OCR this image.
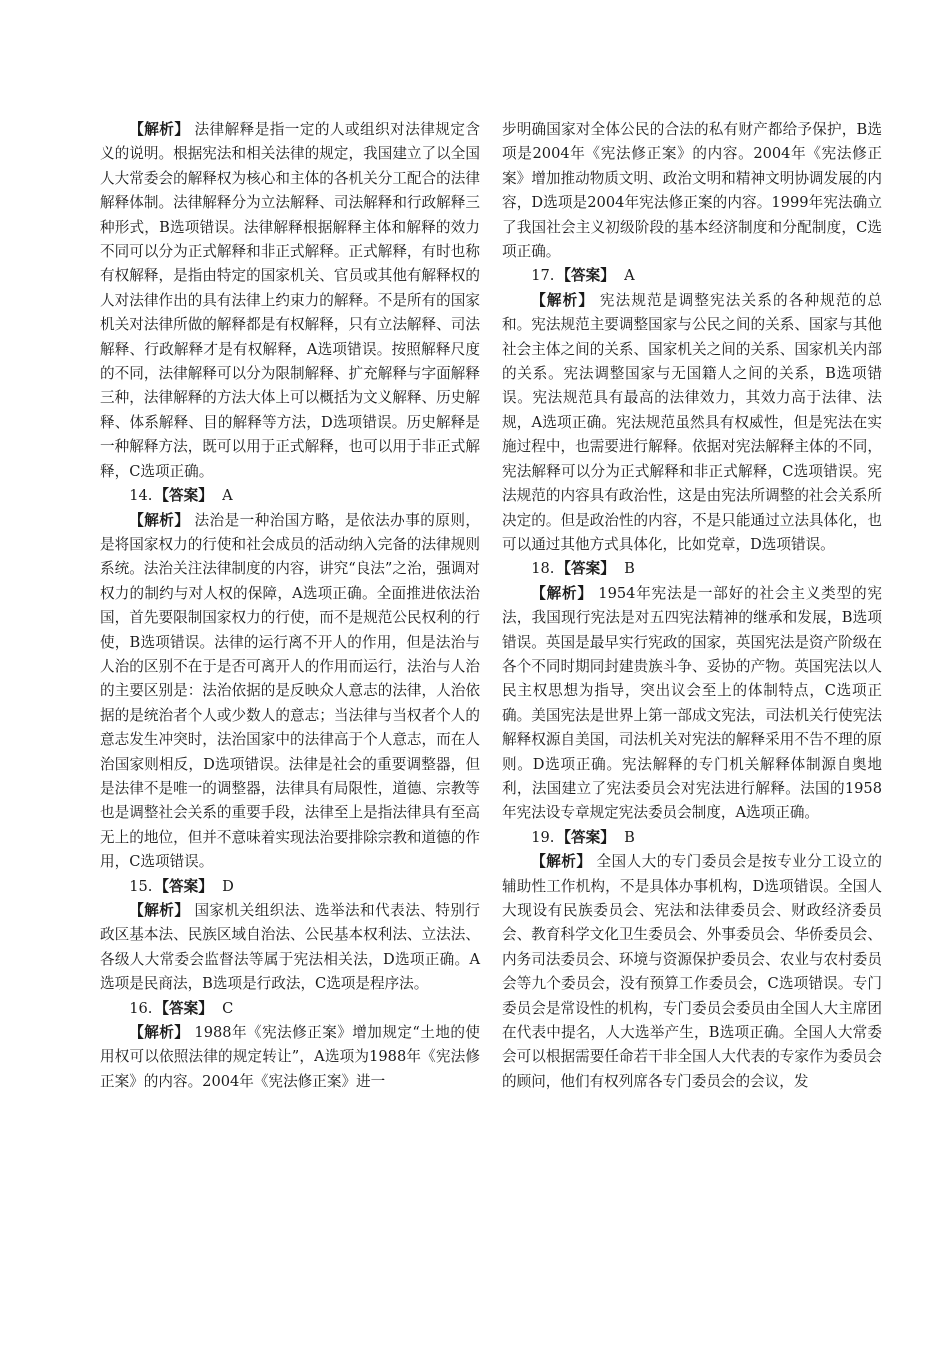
【解析】 法律解释是指一定的人或组织对法律规定含义的说明。根据宪法和相关法律的规定，我国建立了以全国人大常委会的解释权为核心和主体的各机关分工配合的法律解释体制。法律解释分为立法解释、司法解释和行政解释三种形式，B选项错误。法律解释根据解释主体和解释的效力不同可以分为正式解释和非正式解释。正式解释，有时也称有权解释，是指由特定的国家机关、官员或其他有解释权的人对法律作出的具有法律上约束力的解释。不是所有的国家机关对法律所做的解释都是有权解释，只有立法解释、司法解释、行政解释才是有权解释，A选项错误。按照解释尺度的不同，法律解释可以分为限制解释、扩充解释与字面解释三种，法律解释的方法大体上可以概括为文义解释、历史解释、体系解释、目的解释等方法，D选项错误。历史解释是一种解释方法，既可以用于正式解释，也可以用于非正式解释，C选项正确。

14. 【答案】 A

【解析】 法治是一种治国方略，是依法办事的原则，是将国家权力的行使和社会成员的活动纳入完备的法律规则系统。法治关注法律制度的内容，讲究“良法”之治，强调对权力的制约与对人权的保障，A选项正确。全面推进依法治国，首先要限制国家权力的行使，而不是规范公民权利的行使，B选项错误。法律的运行离不开人的作用，但是法治与人治的区别不在于是否可离开人的作用而运行，法治与人治的主要区别是：法治依据的是反映众人意志的法律，人治依据的是统治者个人或少数人的意志；当法律与当权者个人的意志发生冲突时，法治国家中的法律高于个人意志，而在人治国家则相反，D选项错误。法律是社会的重要调整器，但是法律不是唯一的调整器，法律具有局限性，道德、宗教等也是调整社会关系的重要手段，法律至上是指法律具有至高无上的地位，但并不意味着实现法治要排除宗教和道德的作用，C选项错误。

15. 【答案】 D

【解析】 国家机关组织法、选举法和代表法、特别行政区基本法、民族区域自治法、公民基本权利法、立法法、各级人大常委会监督法等属于宪法相关法，D选项正确。A选项是民商法，B选项是行政法，C选项是程序法。

16. 【答案】 C

【解析】 1988年《宪法修正案》增加规定“土地的使用权可以依照法律的规定转让”，A选项为1988年《宪法修正案》的内容。2004年《宪法修正案》进一

步明确国家对全体公民的合法的私有财产都给予保护，B选项是2004年《宪法修正案》的内容。2004年《宪法修正案》增加推动物质文明、政治文明和精神文明协调发展的内容，D选项是2004年宪法修正案的内容。1999年宪法确立了我国社会主义初级阶段的基本经济制度和分配制度，C选项正确。

17. 【答案】 A

【解析】 宪法规范是调整宪法关系的各种规范的总和。宪法规范主要调整国家与公民之间的关系、国家与其他社会主体之间的关系、国家机关之间的关系、国家机关内部的关系。宪法调整国家与无国籍人之间的关系，B选项错误。宪法规范具有最高的法律效力，其效力高于法律、法规，A选项正确。宪法规范虽然具有权威性，但是宪法在实施过程中，也需要进行解释。依据对宪法解释主体的不同，宪法解释可以分为正式解释和非正式解释，C选项错误。宪法规范的内容具有政治性，这是由宪法所调整的社会关系所决定的。但是政治性的内容，不是只能通过立法具体化，也可以通过其他方式具体化，比如党章，D选项错误。

18. 【答案】 B

【解析】 1954年宪法是一部好的社会主义类型的宪法，我国现行宪法是对五四宪法精神的继承和发展，B选项错误。英国是最早实行宪政的国家，英国宪法是资产阶级在各个不同时期同封建贵族斗争、妥协的产物。英国宪法以人民主权思想为指导，突出议会至上的体制特点，C选项正确。美国宪法是世界上第一部成文宪法，司法机关行使宪法解释权源自美国，司法机关对宪法的解释采用不告不理的原则。D选项正确。宪法解释的专门机关解释体制源自奥地利，法国建立了宪法委员会对宪法进行解释。法国的1958年宪法设专章规定宪法委员会制度，A选项正确。

19. 【答案】 B

【解析】 全国人大的专门委员会是按专业分工设立的辅助性工作机构，不是具体办事机构，D选项错误。全国人大现设有民族委员会、宪法和法律委员会、财政经济委员会、教育科学文化卫生委员会、外事委员会、华侨委员会、内务司法委员会、环境与资源保护委员会、农业与农村委员会等九个委员会，没有预算工作委员会，C选项错误。专门委员会是常设性的机构，专门委员会委员由全国人大主席团在代表中提名，人大选举产生，B选项正确。全国人大常委会可以根据需要任命若干非全国人大代表的专家作为委员会的顾问，他们有权列席各专门委员会的会议，发
